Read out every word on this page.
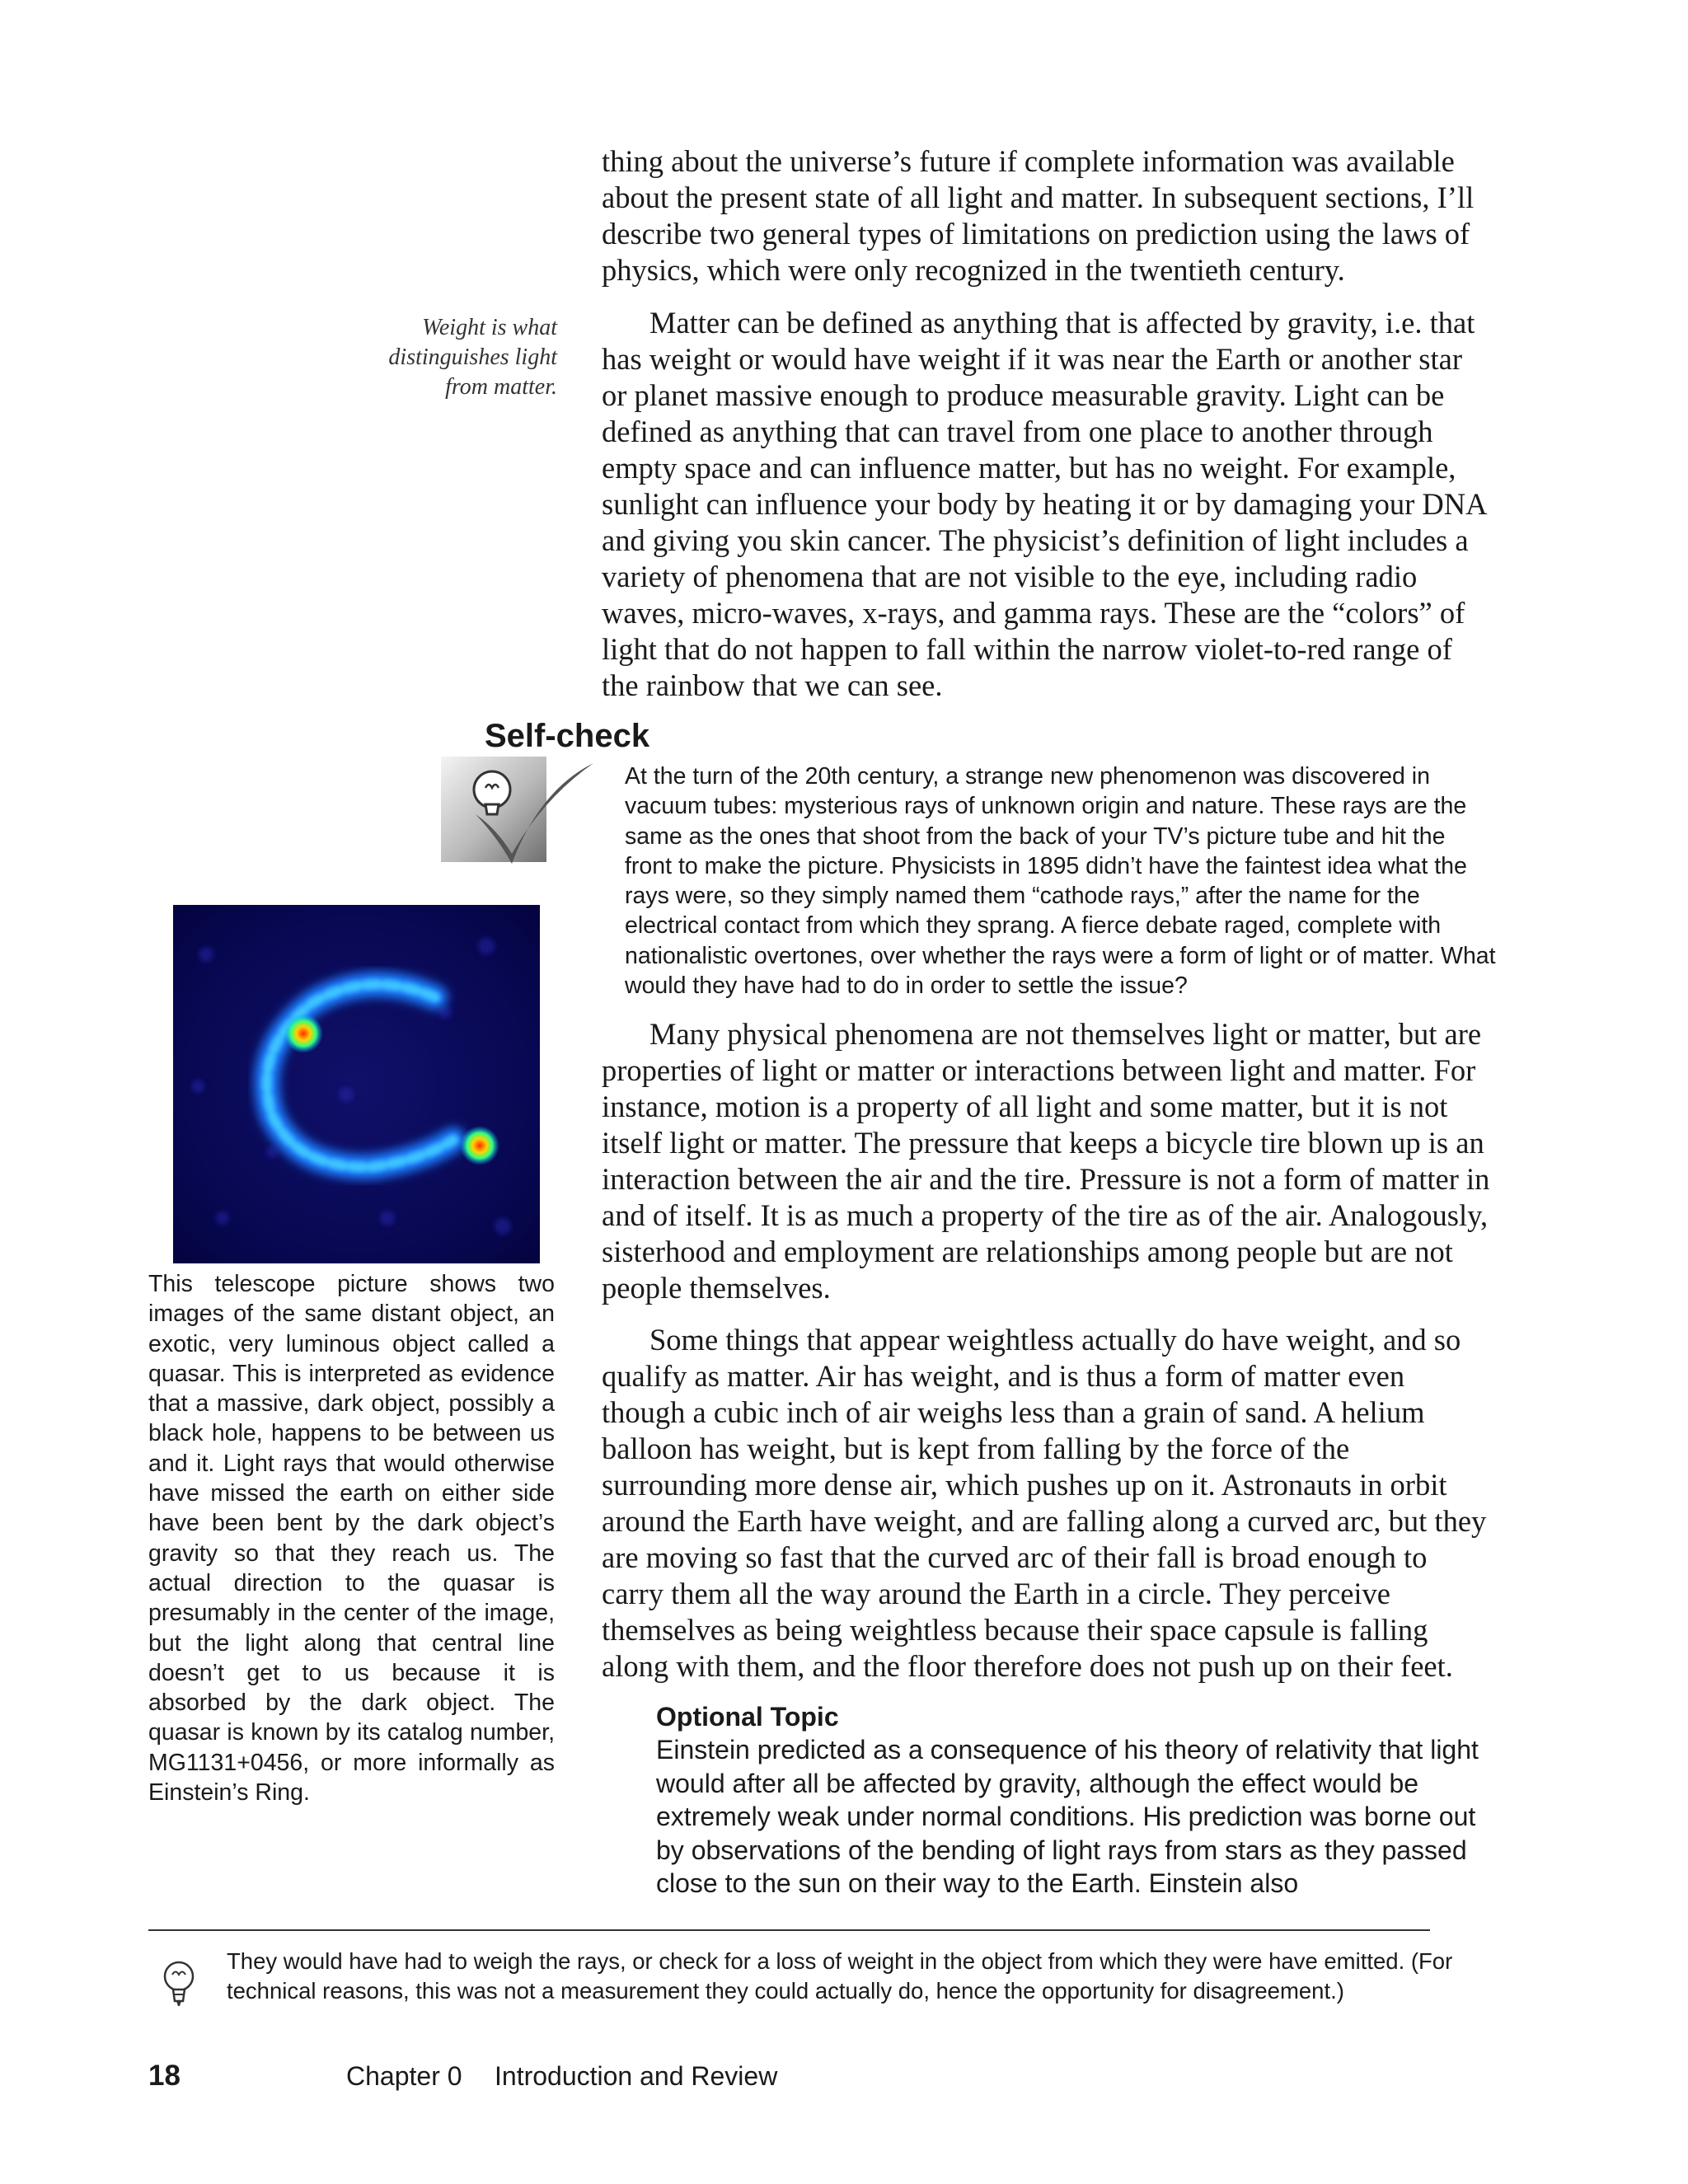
thing about the universe’s future if complete information was available about the present state of all light and matter. In subsequent sections, I’ll describe two general types of limitations on prediction using the laws of physics, which were only recognized in the twentieth century.

Weight is what distinguishes light from matter.

Matter can be defined as anything that is affected by gravity, i.e. that has weight or would have weight if it was near the Earth or another star or planet massive enough to produce measurable gravity. Light can be defined as anything that can travel from one place to another through empty space and can influence matter, but has no weight. For example, sunlight can influence your body by heating it or by damaging your DNA and giving you skin cancer. The physicist’s definition of light includes a variety of phenomena that are not visible to the eye, including radio waves, micro-waves, x-rays, and gamma rays. These are the “colors” of light that do not happen to fall within the narrow violet-to-red range of the rainbow that we can see.

Self-check
At the turn of the 20th century, a strange new phenomenon was discovered in vacuum tubes: mysterious rays of unknown origin and nature. These rays are the same as the ones that shoot from the back of your TV’s picture tube and hit the front to make the picture. Physicists in 1895 didn’t have the faintest idea what the rays were, so they simply named them “cathode rays,” after the name for the electrical contact from which they sprang. A fierce debate raged, complete with nationalistic overtones, over whether the rays were a form of light or of matter. What would they have had to do in order to settle the issue?
This telescope picture shows two images of the same distant object, an exotic, very luminous object called a quasar. This is interpreted as evidence that a massive, dark object, possibly a black hole, happens to be between us and it. Light rays that would otherwise have missed the earth on either side have been bent by the dark object’s gravity so that they reach us. The actual direction to the quasar is presumably in the center of the image, but the light along that central line doesn’t get to us because it is absorbed by the dark object. The quasar is known by its catalog number, MG1131+0456, or more informally as Einstein’s Ring.

Many physical phenomena are not themselves light or matter, but are properties of light or matter or interactions between light and matter. For instance, motion is a property of all light and some matter, but it is not itself light or matter. The pressure that keeps a bicycle tire blown up is an interaction between the air and the tire. Pressure is not a form of matter in and of itself. It is as much a property of the tire as of the air. Analogously, sisterhood and employment are relationships among people but are not people themselves.

Some things that appear weightless actually do have weight, and so qualify as matter. Air has weight, and is thus a form of matter even though a cubic inch of air weighs less than a grain of sand. A helium balloon has weight, but is kept from falling by the force of the surrounding more dense air, which pushes up on it. Astronauts in orbit around the Earth have weight, and are falling along a curved arc, but they are moving so fast that the curved arc of their fall is broad enough to carry them all the way around the Earth in a circle. They perceive themselves as being weightless because their space capsule is falling along with them, and the floor therefore does not push up on their feet.

Optional Topic
Einstein predicted as a consequence of his theory of relativity that light would after all be affected by gravity, although the effect would be extremely weak under normal conditions. His prediction was borne out by observations of the bending of light rays from stars as they passed close to the sun on their way to the Earth. Einstein also
They would have had to weigh the rays, or check for a loss of weight in the object from which they were have emitted. (For technical reasons, this was not a measurement they could actually do, hence the opportunity for disagreement.)
18	Chapter 0 Introduction and Review
